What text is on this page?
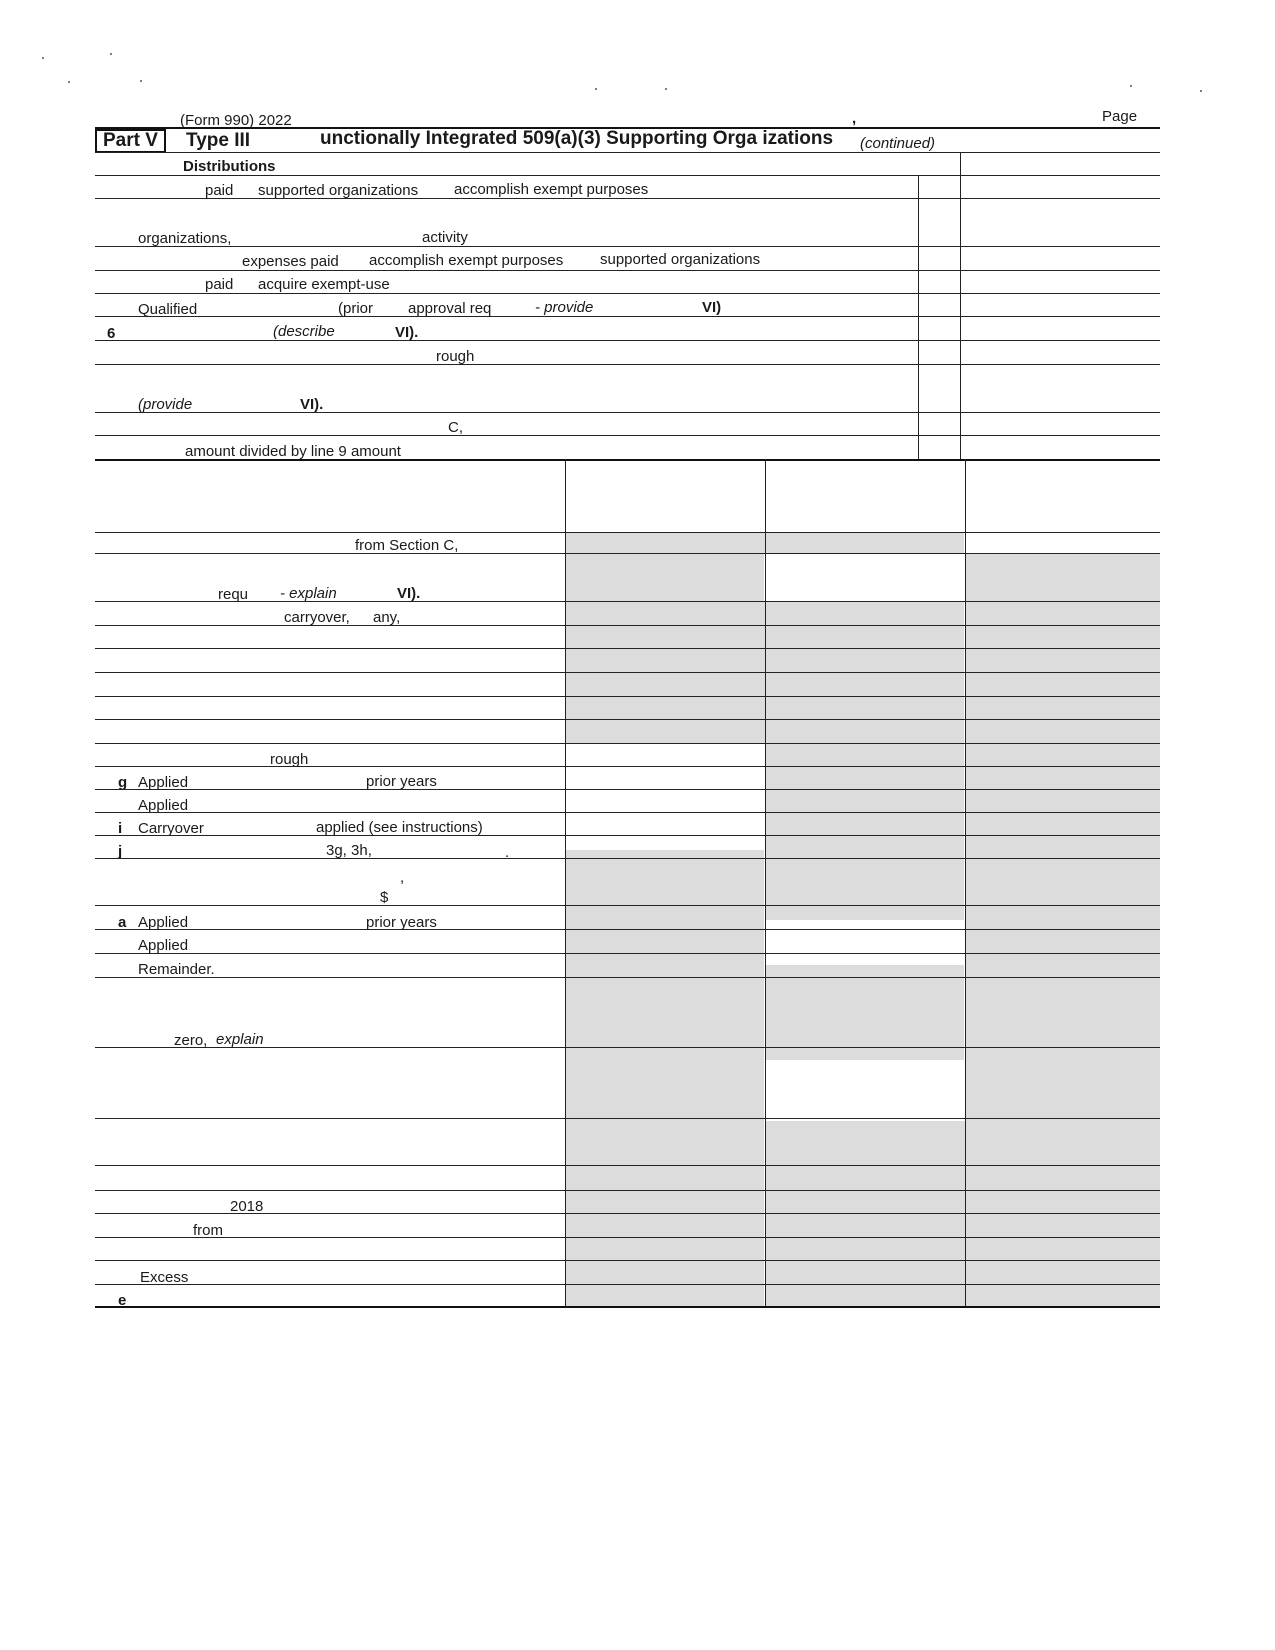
(Form 990) 2022	,	Page
Part V	Type III	unctionally Integrated 509(a)(3) Supporting Orga izations (continued)
Distributions
paid supported organizations accomplish exempt purposes
organizations,	activity
expenses paid accomplish exempt purposes supported organizations
paid acquire exempt-use
Qualified	(prior approval req	- provide	VI)
6	(describe	VI).
rough
(provide	VI).
C,
amount divided by line 9 amount
from Section C,
requ - explain	VI).
carryover, any,
rough
g Applied	prior years
Applied
i Carryover	applied (see instructions)
j	3g, 3h,	.
,
$
a Applied	prior years
Applied
Remainder.
zero, explain
2018
from
Excess
e
